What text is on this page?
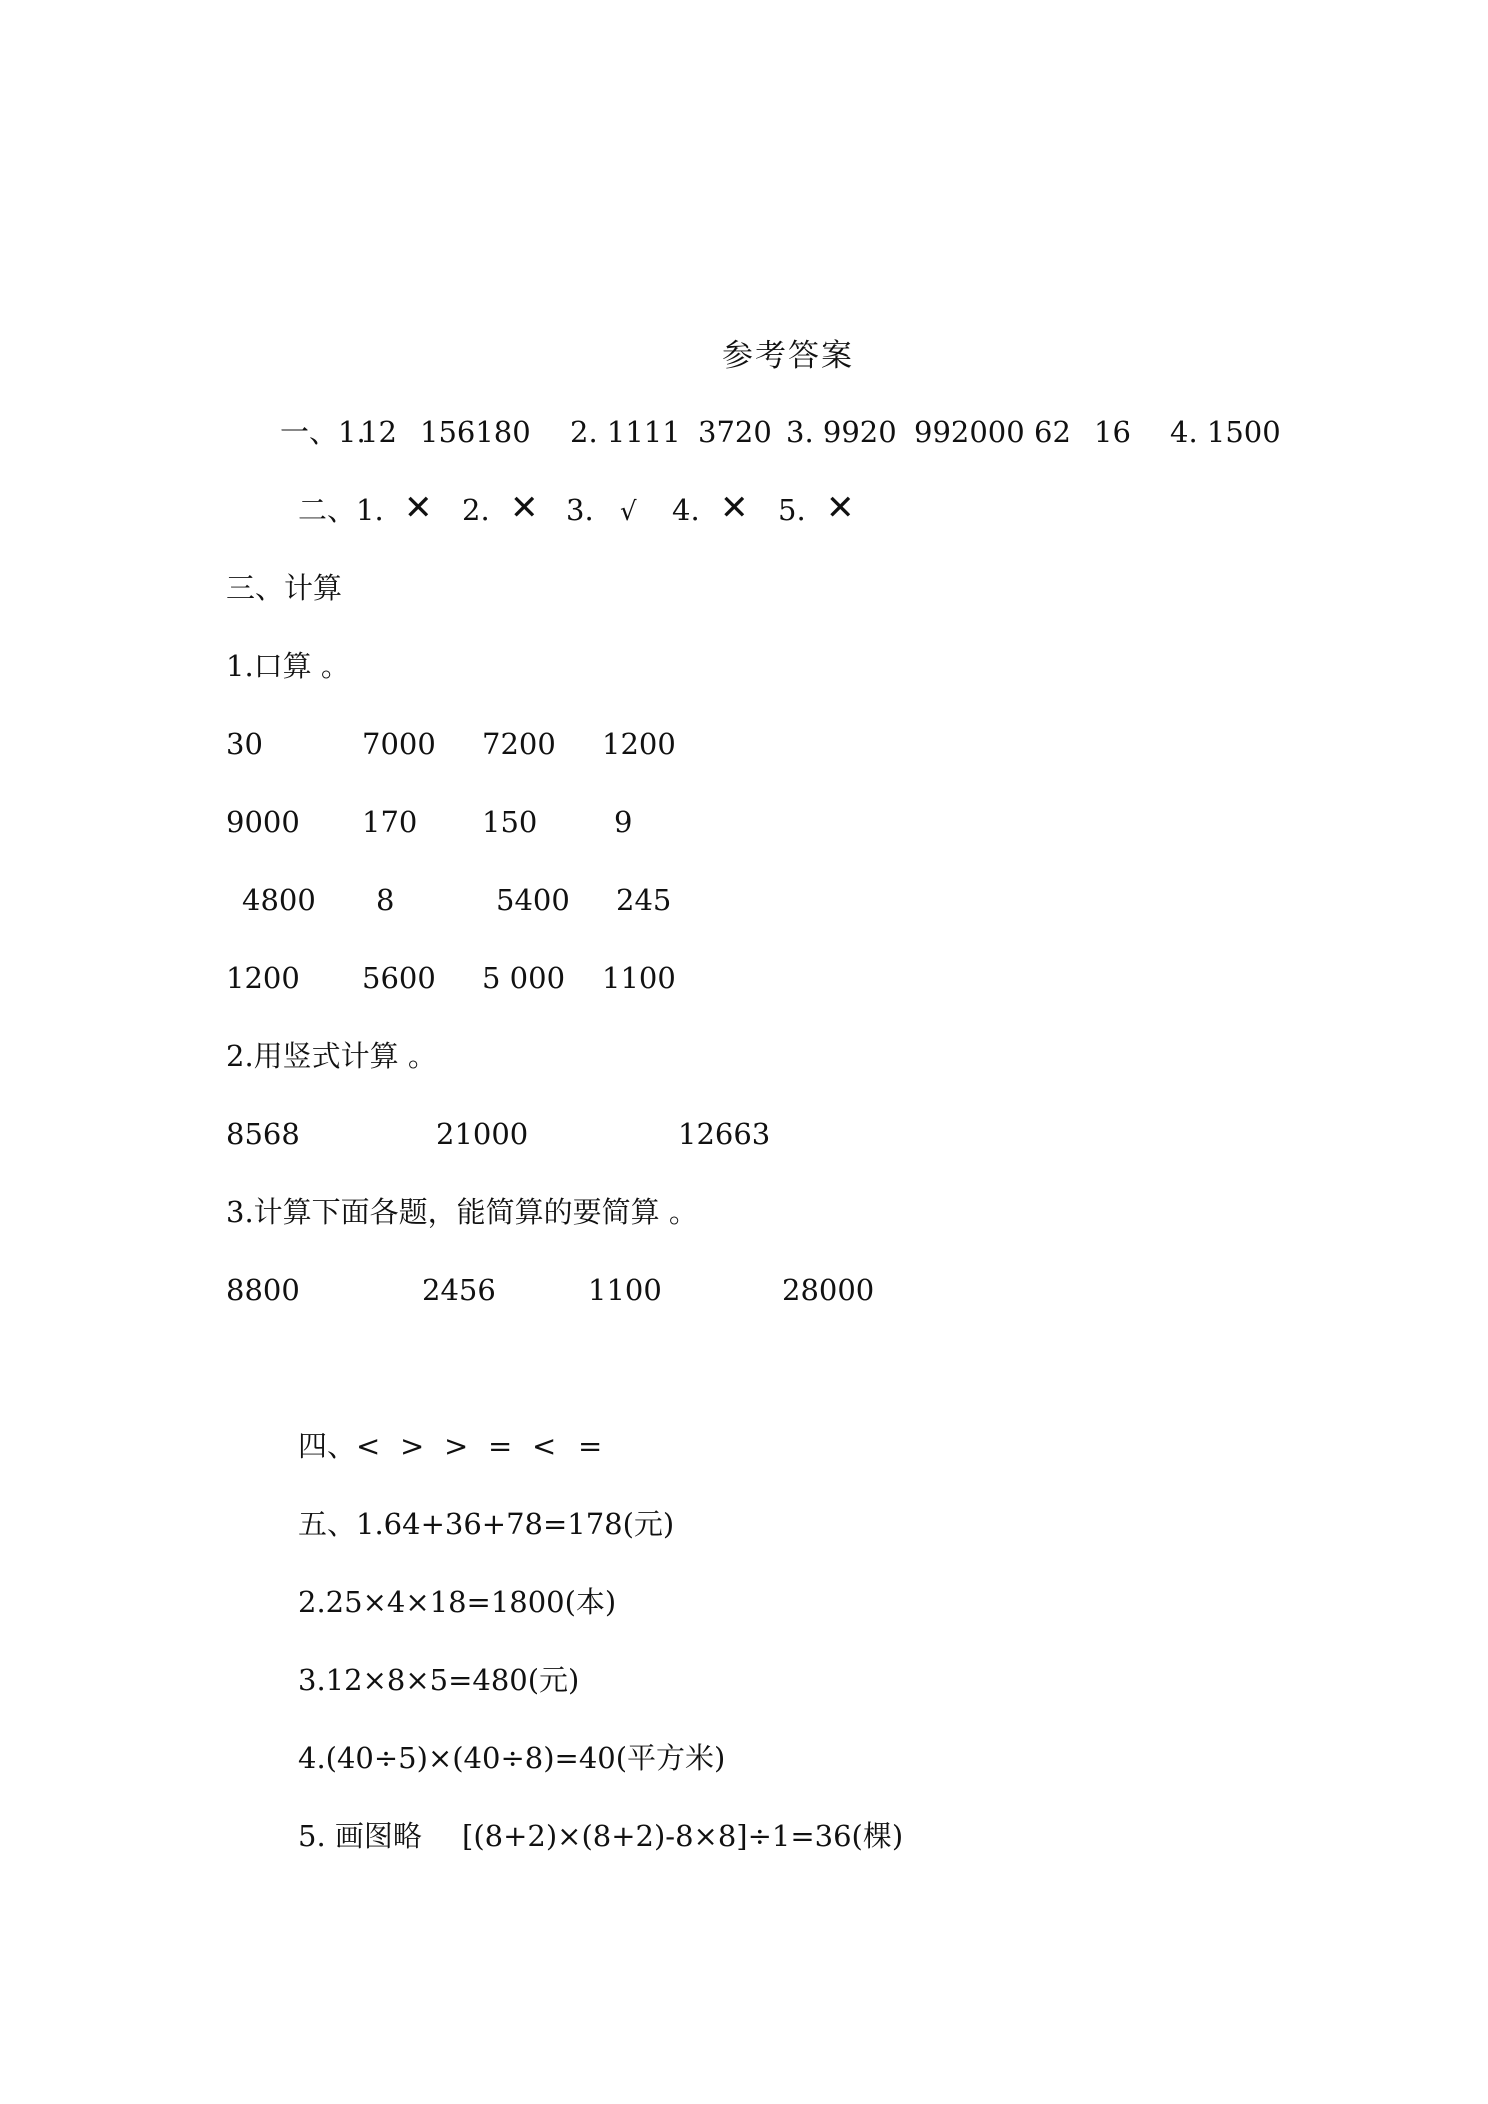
参考答案
一、1.
12 156180 2. 1111 3720 3. 9920 992000 62 16 4. 1500
二、 1. ✕ 2. ✕ 3. √ 4. ✕ 5. ✕
三、计算
1.口算 。
30	7000 7200 1200
9000 170 150	9
4800 8	5400 245
1200 5600 5 000 1100
2.用竖式计算 。
8568	21000	12663
3.计算下面各题，能简算的要简算 。
8800	2456	1100	28000
四、 < > > = < =
五、1.64+36+78=178(元)
2.25×4×18=1800(本)
3.12×8×5=480(元)
4.(40÷5)×(40÷8)=40(平方米)
5. 画图略 [(8+2)×(8+2)-8×8]÷1=36(棵)
